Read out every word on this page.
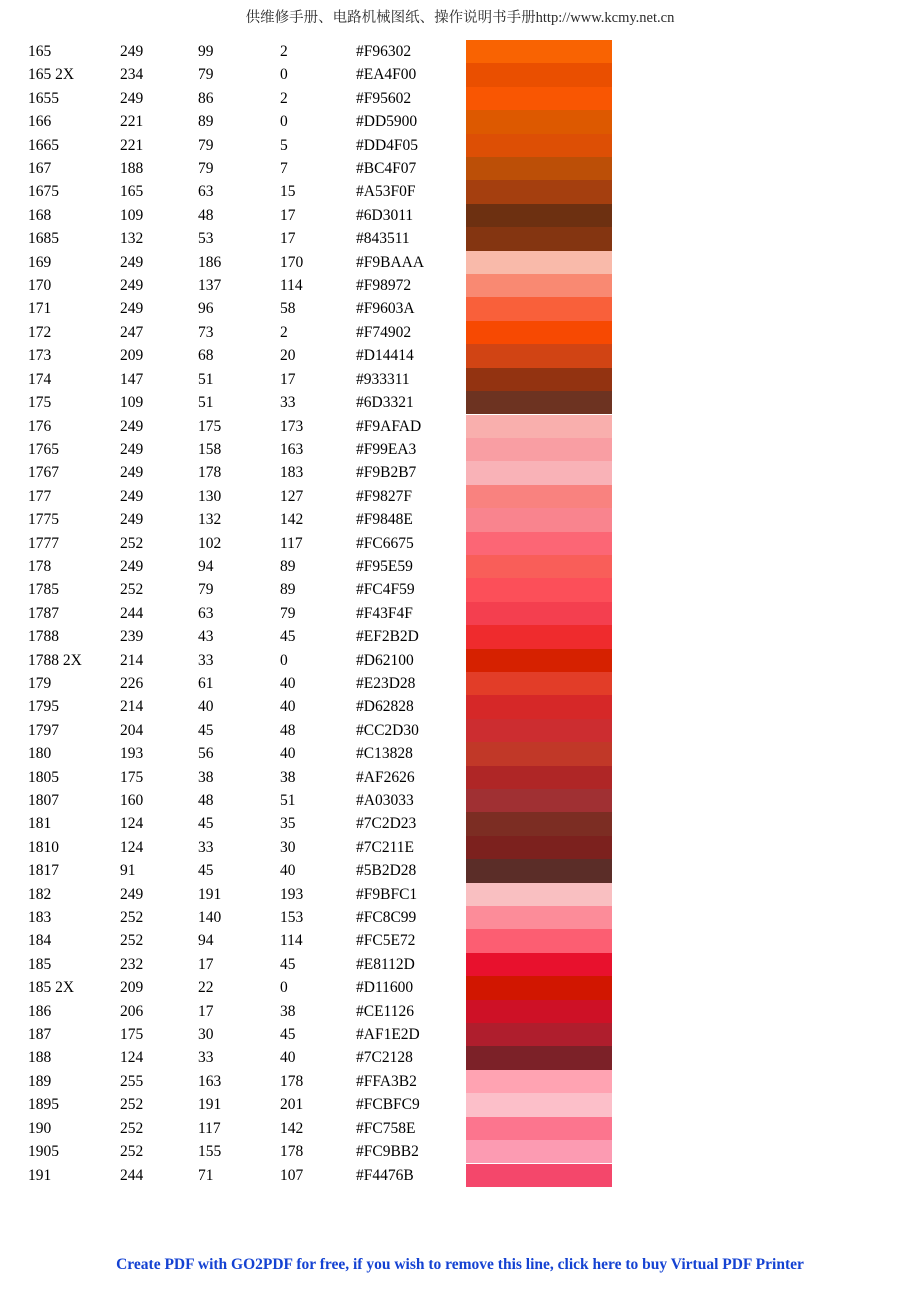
供维修手册、电路机械图纸、操作说明书手册http://www.kcmy.net.cn
165	249	99	2	#F96302	

165 2X	234	79	0	#EA4F00	

1655	249	86	2	#F95602	

166	221	89	0	#DD5900	

1665	221	79	5	#DD4F05	

167	188	79	7	#BC4F07	

1675	165	63	15	#A53F0F	

168	109	48	17	#6D3011	

1685	132	53	17	#843511	

169	249	186	170	#F9BAAA	

170	249	137	114	#F98972	

171	249	96	58	#F9603A	

172	247	73	2	#F74902	

173	209	68	20	#D14414	

174	147	51	17	#933311	

175	109	51	33	#6D3321	

176	249	175	173	#F9AFAD	

1765	249	158	163	#F99EA3	

1767	249	178	183	#F9B2B7	

177	249	130	127	#F9827F	

1775	249	132	142	#F9848E	

1777	252	102	117	#FC6675	

178	249	94	89	#F95E59	

1785	252	79	89	#FC4F59	

1787	244	63	79	#F43F4F	

1788	239	43	45	#EF2B2D	

1788 2X	214	33	0	#D62100	

179	226	61	40	#E23D28	

1795	214	40	40	#D62828	

1797	204	45	48	#CC2D30	

180	193	56	40	#C13828	

1805	175	38	38	#AF2626	

1807	160	48	51	#A03033	

181	124	45	35	#7C2D23	

1810	124	33	30	#7C211E	

1817	91	45	40	#5B2D28	

182	249	191	193	#F9BFC1	

183	252	140	153	#FC8C99	

184	252	94	114	#FC5E72	

185	232	17	45	#E8112D	

185 2X	209	22	0	#D11600	

186	206	17	38	#CE1126	

187	175	30	45	#AF1E2D	

188	124	33	40	#7C2128	

189	255	163	178	#FFA3B2	

1895	252	191	201	#FCBFC9	

190	252	117	142	#FC758E	

1905	252	155	178	#FC9BB2	

191	244	71	107	#F4476B	
Create PDF with GO2PDF for free, if you wish to remove this line, click here to buy Virtual PDF Printer
